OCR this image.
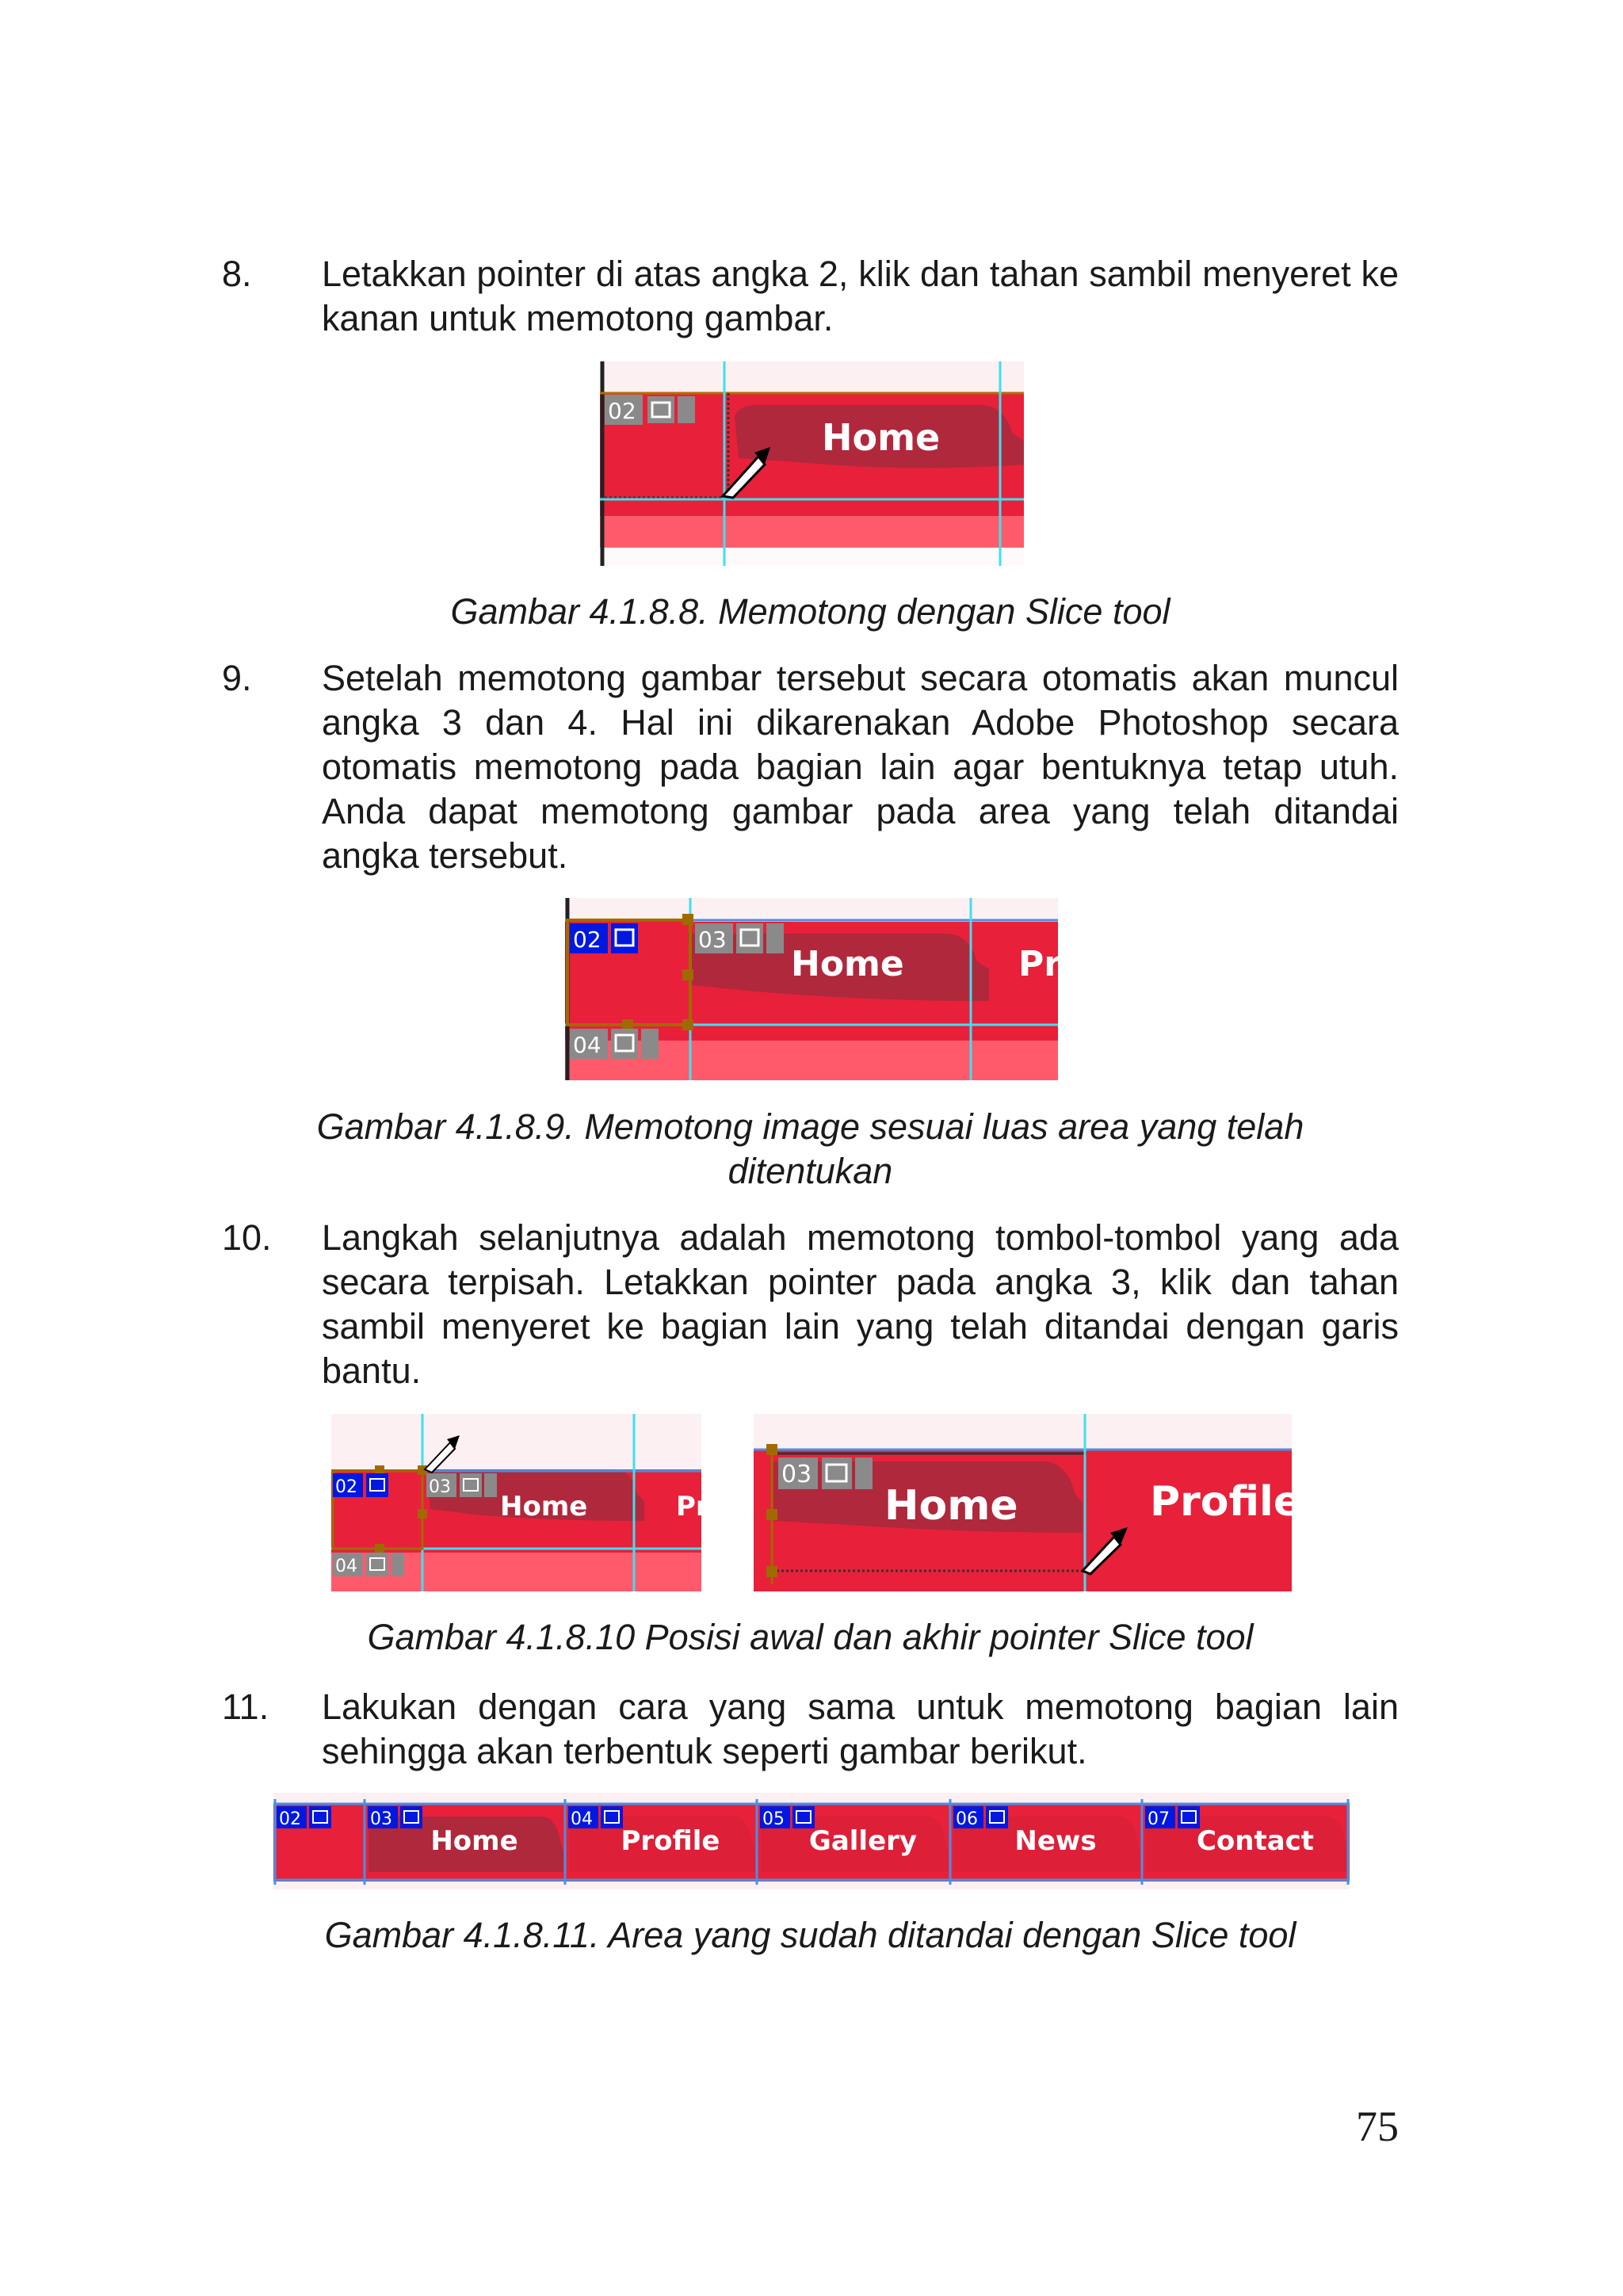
8. Letakkan pointer di atas angka 2, klik dan tahan sambil menyeret ke kanan untuk memotong gambar.
02
Home
Gambar 4.1.8.8. Memotong dengan Slice tool
9. Setelah memotong gambar tersebut secara otomatis akan muncul angka 3 dan 4. Hal ini dikarenakan Adobe Photoshop secara otomatis memotong pada bagian lain agar bentuknya tetap utuh. Anda dapat memotong gambar pada area yang telah ditandai angka tersebut.
02	03
Home	Pr
04
Gambar 4.1.8.9. Memotong image sesuai luas area yang telah
ditentukan
10. Langkah selanjutnya adalah memotong tombol-tombol yang ada secara terpisah. Letakkan pointer pada angka 3, klik dan tahan sambil menyeret ke bagian lain yang telah ditandai dengan garis bantu.
02	03
Home	Pr
04
03
Home	Profile
Gambar 4.1.8.10 Posisi awal dan akhir pointer Slice tool
11. Lakukan dengan cara yang sama untuk memotong bagian lain sehingga akan terbentuk seperti gambar berikut.
02	03	04	05	06	07
Home	Profile	Gallery	News	Contact
Gambar 4.1.8.11. Area yang sudah ditandai dengan Slice tool
75
